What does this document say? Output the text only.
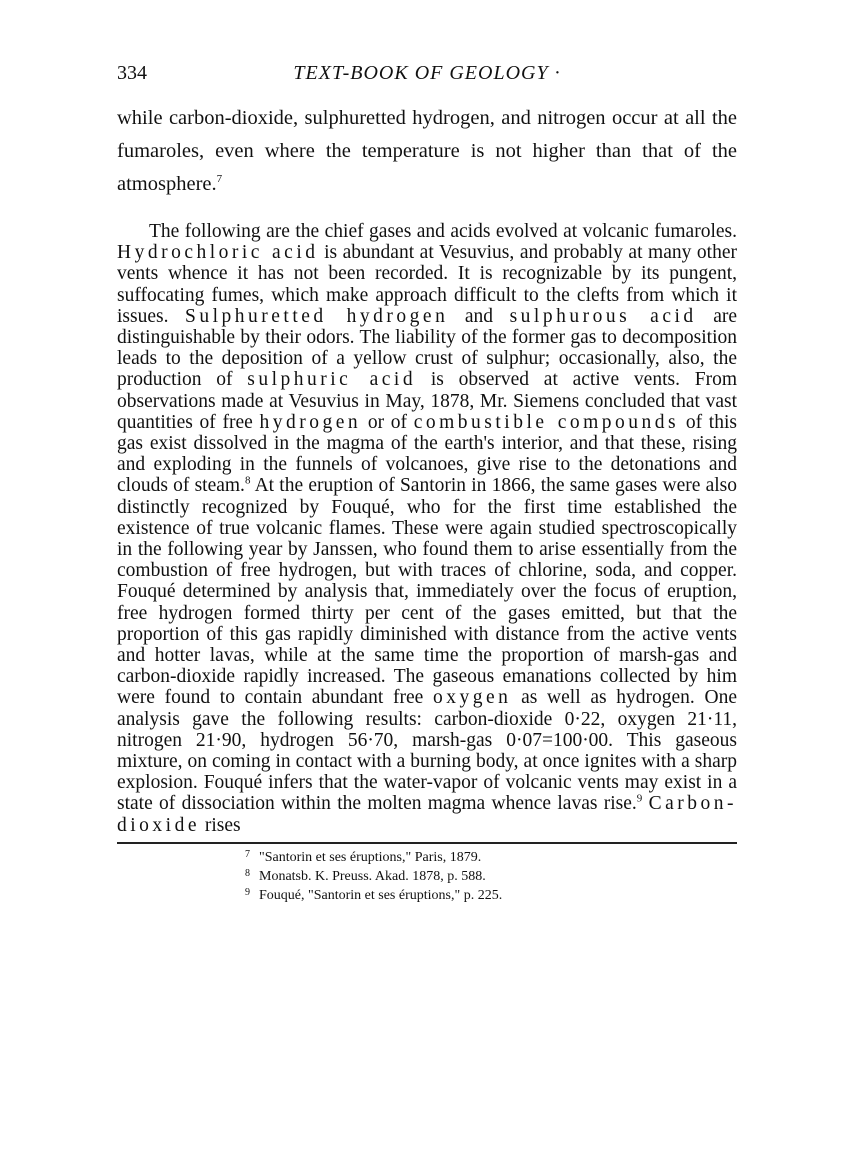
334	TEXT-BOOK OF GEOLOGY ·

while carbon-dioxide, sulphuretted hydrogen, and nitrogen occur at all the fumaroles, even where the temperature is not higher than that of the atmosphere.$^7$

The following are the chief gases and acids evolved at volcanic fumaroles. Hydrochloric acid is abundant at Vesuvius, and probably at many other vents whence it has not been recorded. It is recognizable by its pungent, suffocating fumes, which make approach difficult to the clefts from which it issues. Sulphuretted hydrogen and sulphurous acid are distinguishable by their odors. The liability of the former gas to decomposition leads to the deposition of a yellow crust of sulphur; occasionally, also, the production of sulphuric acid is observed at active vents. From observations made at Vesuvius in May, 1878, Mr. Siemens concluded that vast quantities of free hydrogen or of combustible compounds of this gas exist dissolved in the magma of the earth's interior, and that these, rising and exploding in the funnels of volcanoes, give rise to the detonations and clouds of steam.$^8$ At the eruption of Santorin in 1866, the same gases were also distinctly recognized by Fouqué, who for the first time established the existence of true volcanic flames. These were again studied spectroscopically in the following year by Janssen, who found them to arise essentially from the combustion of free hydrogen, but with traces of chlorine, soda, and copper. Fouqué determined by analysis that, immediately over the focus of eruption, free hydrogen formed thirty per cent of the gases emitted, but that the proportion of this gas rapidly diminished with distance from the active vents and hotter lavas, while at the same time the proportion of marsh-gas and carbon-dioxide rapidly increased. The gaseous emanations collected by him were found to contain abundant free oxygen as well as hydrogen. One analysis gave the following results: carbon-dioxide 0·22, oxygen 21·11, nitrogen 21·90, hydrogen 56·70, marsh-gas 0·07=100·00. This gaseous mixture, on coming in contact with a burning body, at once ignites with a sharp explosion. Fouqué infers that the water-vapor of volcanic vents may exist in a state of dissociation within the molten magma whence lavas rise.$^9$ Carbon-dioxide rises

7 "Santorin et ses éruptions," Paris, 1879.
8 Monatsb. K. Preuss. Akad. 1878, p. 588.
9 Fouqué, "Santorin et ses éruptions," p. 225.
